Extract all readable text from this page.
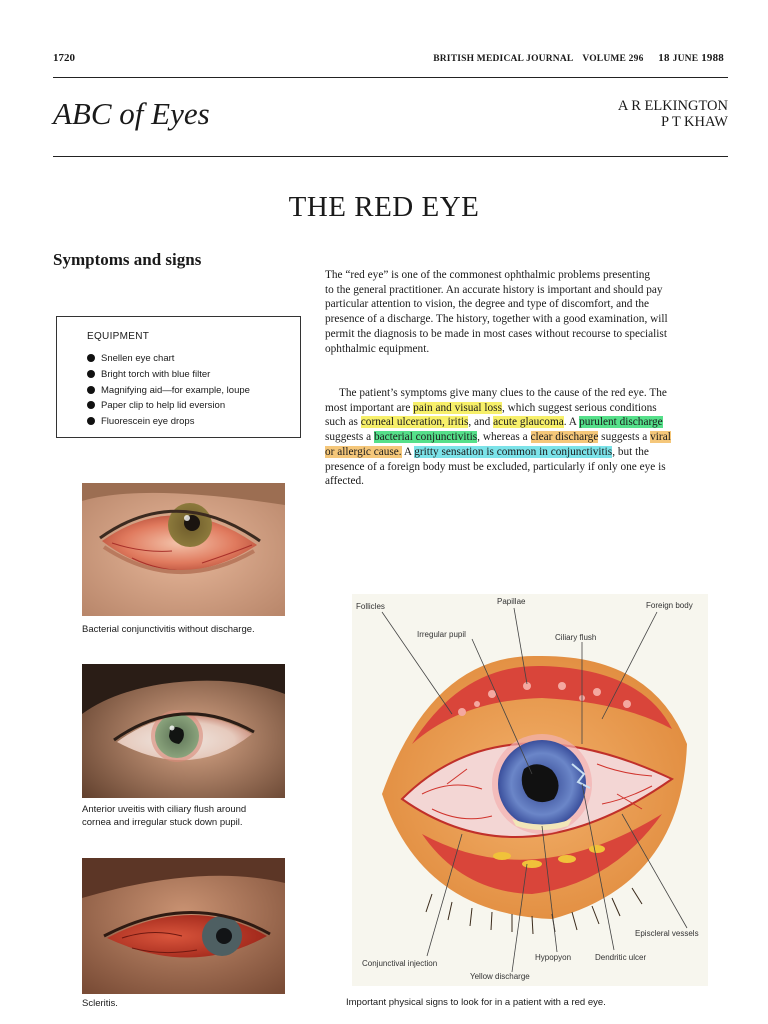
1720	BRITISH MEDICAL JOURNAL VOLUME 296 18 JUNE 1988
ABC of Eyes	A R ELKINGTON
P T KHAW
THE RED EYE
Symptoms and signs
EQUIPMENT
Snellen eye chart
Bright torch with blue filter
Magnifying aid—for example, loupe
Paper clip to help lid eversion
Fluorescein eye drops
The “red eye” is one of the commonest ophthalmic problems presenting
to the general practitioner. An accurate history is important and should pay
particular attention to vision, the degree and type of discomfort, and the
presence of a discharge. The history, together with a good examination, will
permit the diagnosis to be made in most cases without recourse to specialist
ophthalmic equipment.
The patient’s symptoms give many clues to the cause of the red eye. The
most important are pain and visual loss, which suggest serious conditions
such as corneal ulceration, iritis, and acute glaucoma. A purulent discharge
suggests a bacterial conjunctivitis, whereas a clear discharge suggests a viral
or allergic cause. A gritty sensation is common in conjunctivitis, but the
presence of a foreign body must be excluded, particularly if only one eye is
affected.
Bacterial conjunctivitis without discharge.
Anterior uveitis with ciliary flush around
cornea and irregular stuck down pupil.
Scleritis.
Follicles
Papillae	Foreign body
Irregular pupil	Ciliary flush
Episcleral vessels
Conjunctival injection
Hypopyon	Dendritic ulcer
Yellow discharge
Important physical signs to look for in a patient with a red eye.
